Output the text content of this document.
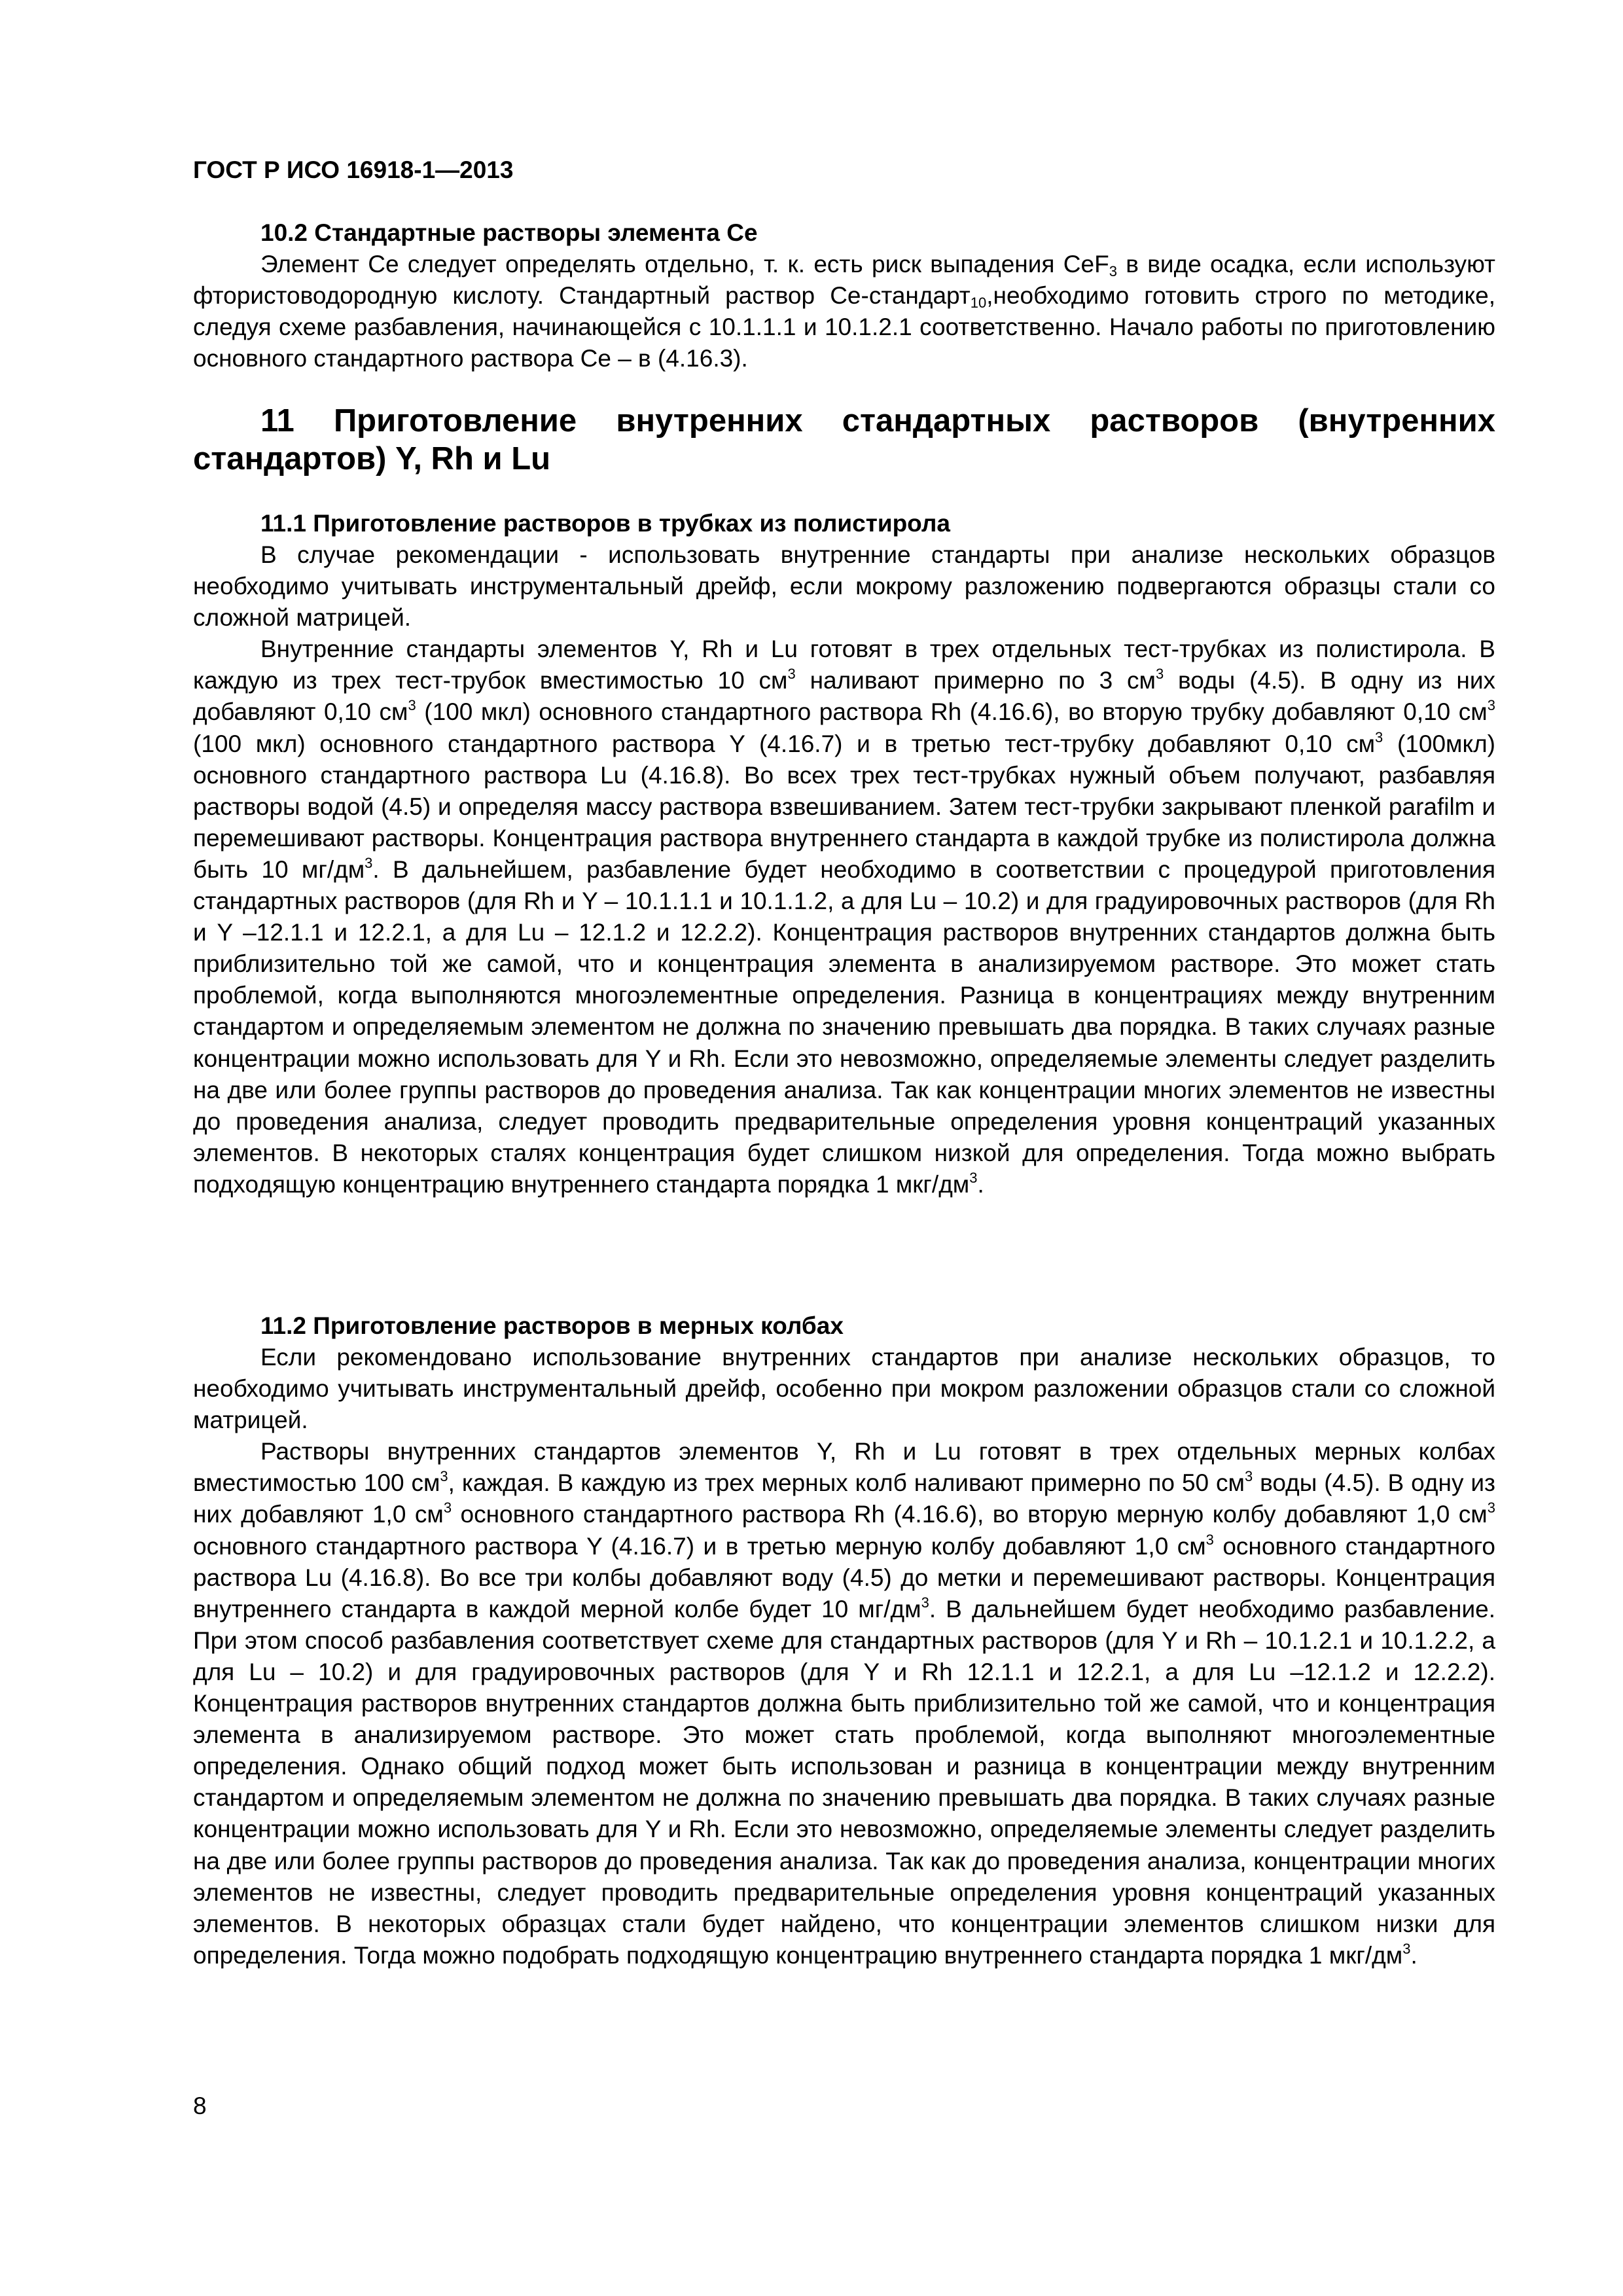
ГОСТ Р ИСО 16918-1—2013
10.2 Стандартные растворы элемента Се

Элемент Се следует определять отдельно, т. к. есть риск выпадения CeF$_3$ в виде осадка, если используют фтористоводородную кислоту. Стандартный раствор Се-стандарт$_{10}$,необходимо готовить строго по методике, следуя схеме разбавления, начинающейся с 10.1.1.1 и 10.1.2.1 соответственно. Начало работы по приготовлению основного стандартного раствора Се – в (4.16.3).

11 Приготовление внутренних стандартных растворов (внутренних стандартов) Y, Rh и Lu
11.1 Приготовление растворов в трубках из полистирола

В случае рекомендации - использовать внутренние стандарты при анализе нескольких образцов необходимо учитывать инструментальный дрейф, если мокрому разложению подвергаются образцы стали со сложной матрицей.

Внутренние стандарты элементов Y, Rh и Lu готовят в трех отдельных тест-трубках из полистирола. В каждую из трех тест-трубок вместимостью 10 $см^3$ наливают примерно по 3 $см^3$ воды (4.5). В одну из них добавляют 0,10 $см^3$ (100 мкл) основного стандартного раствора Rh (4.16.6), во вторую трубку добавляют 0,10 $см^3$ (100 мкл) основного стандартного раствора Y (4.16.7) и в третью тест-трубку добавляют 0,10 $см^3$ (100мкл) основного стандартного раствора Lu (4.16.8). Во всех трех тест-трубках нужный объем получают, разбавляя растворы водой (4.5) и определяя массу раствора взвешиванием. Затем тест-трубки закрывают пленкой parafilm и перемешивают растворы. Концентрация раствора внутреннего стандарта в каждой трубке из полистирола должна быть 10 $мг/дм^3$. В дальнейшем, разбавление будет необходимо в соответствии с процедурой приготовления стандартных растворов (для Rh и Y – 10.1.1.1 и 10.1.1.2, а для Lu – 10.2) и для градуировочных растворов (для Rh и Y –12.1.1 и 12.2.1, а для Lu – 12.1.2 и 12.2.2). Концентрация растворов внутренних стандартов должна быть приблизительно той же самой, что и концентрация элемента в анализируемом растворе. Это может стать проблемой, когда выполняются многоэлементные определения. Разница в концентрациях между внутренним стандартом и определяемым элементом не должна по значению превышать два порядка. В таких случаях разные концентрации можно использовать для Y и Rh. Если это невозможно, определяемые элементы следует разделить на две или более группы растворов до проведения анализа. Так как концентрации многих элементов не известны до проведения анализа, следует проводить предварительные определения уровня концентраций указанных элементов. В некоторых сталях концентрация будет слишком низкой для определения. Тогда можно выбрать подходящую концентрацию внутреннего стандарта порядка 1 мкг/$дм^3$.

11.2 Приготовление растворов в мерных колбах

Если рекомендовано использование внутренних стандартов при анализе нескольких образцов, то необходимо учитывать инструментальный дрейф, особенно при мокром разложении образцов стали со сложной матрицей.

Растворы внутренних стандартов элементов Y, Rh и Lu готовят в трех отдельных мерных колбах вместимостью 100 $см^3$, каждая. В каждую из трех мерных колб наливают примерно по 50 $см^3$ воды (4.5). В одну из них добавляют 1,0 $см^3$ основного стандартного раствора Rh (4.16.6), во вторую мерную колбу добавляют 1,0 $см^3$ основного стандартного раствора Y (4.16.7) и в третью мерную колбу добавляют 1,0 $см^3$ основного стандартного раствора Lu (4.16.8). Во все три колбы добавляют воду (4.5) до метки и перемешивают растворы. Концентрация внутреннего стандарта в каждой мерной колбе будет 10 $мг/дм^3$. В дальнейшем будет необходимо разбавление. При этом способ разбавления соответствует схеме для стандартных растворов (для Y и Rh – 10.1.2.1 и 10.1.2.2, а для Lu – 10.2) и для градуировочных растворов (для Y и Rh 12.1.1 и 12.2.1, а для Lu –12.1.2 и 12.2.2). Концентрация растворов внутренних стандартов должна быть приблизительно той же самой, что и концентрация элемента в анализируемом растворе. Это может стать проблемой, когда выполняют многоэлементные определения. Однако общий подход может быть использован и разница в концентрации между внутренним стандартом и определяемым элементом не должна по значению превышать два порядка. В таких случаях разные концентрации можно использовать для Y и Rh. Если это невозможно, определяемые элементы следует разделить на две или более группы растворов до проведения анализа. Так как до проведения анализа, концентрации многих элементов не известны, следует проводить предварительные определения уровня концентраций указанных элементов. В некоторых образцах стали будет найдено, что концентрации элементов слишком низки для определения. Тогда можно подобрать подходящую концентрацию внутреннего стандарта порядка 1 мкг/$дм^3$.

8
